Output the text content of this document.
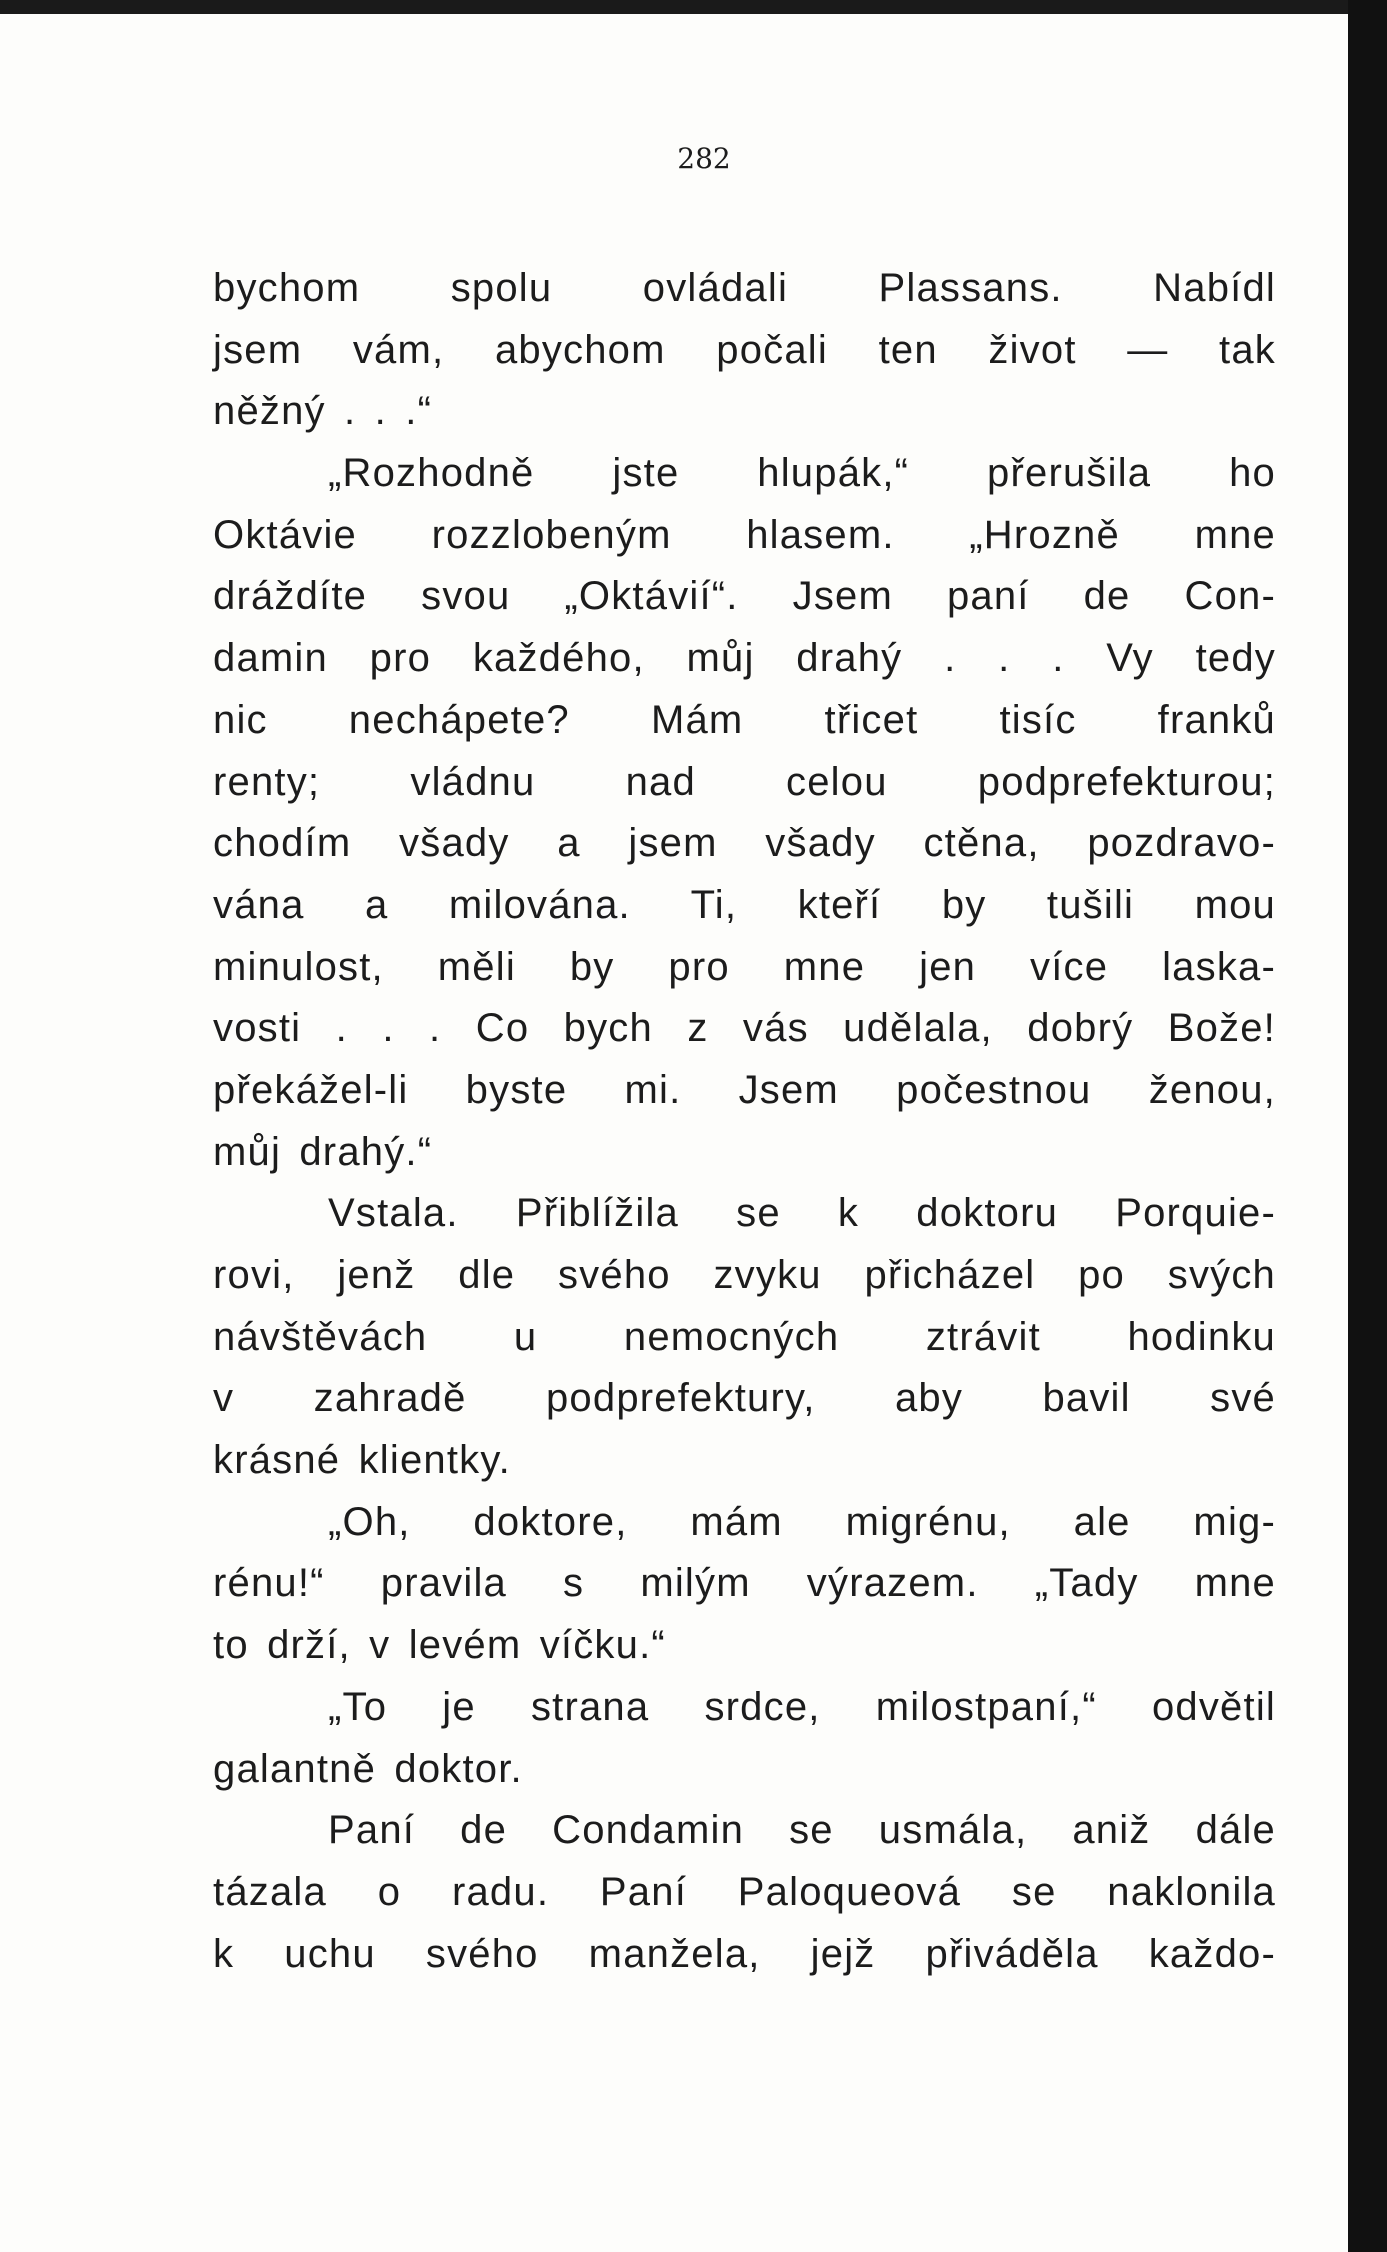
282
bychom spolu ovládali Plassans. Nabídl
jsem vám, abychom počali ten život — tak
něžný . . .“
„Rozhodně jste hlupák,“ přerušila ho
Oktávie rozzlobeným hlasem. „Hrozně mne
dráždíte svou „Oktávií“. Jsem paní de Con-
damin pro každého, můj drahý . . . Vy tedy
nic nechápete? Mám třicet tisíc franků
renty; vládnu nad celou podprefekturou;
chodím všady a jsem všady ctěna, pozdravo-
vána a milována. Ti, kteří by tušili mou
minulost, měli by pro mne jen více laska-
vosti . . . Co bych z vás udělala, dobrý Bože!
překážel-li byste mi. Jsem počestnou ženou,
můj drahý.“
Vstala. Přiblížila se k doktoru Porquie-
rovi, jenž dle svého zvyku přicházel po svých
návštěvách u nemocných ztrávit hodinku
v zahradě podprefektury, aby bavil své
krásné klientky.
„Oh, doktore, mám migrénu, ale mig-
rénu!“ pravila s milým výrazem. „Tady mne
to drží, v levém víčku.“
„To je strana srdce, milostpaní,“ odvětil
galantně doktor.
Paní de Condamin se usmála, aniž dále
tázala o radu. Paní Paloqueová se naklonila
k uchu svého manžela, jejž přiváděla každo-
